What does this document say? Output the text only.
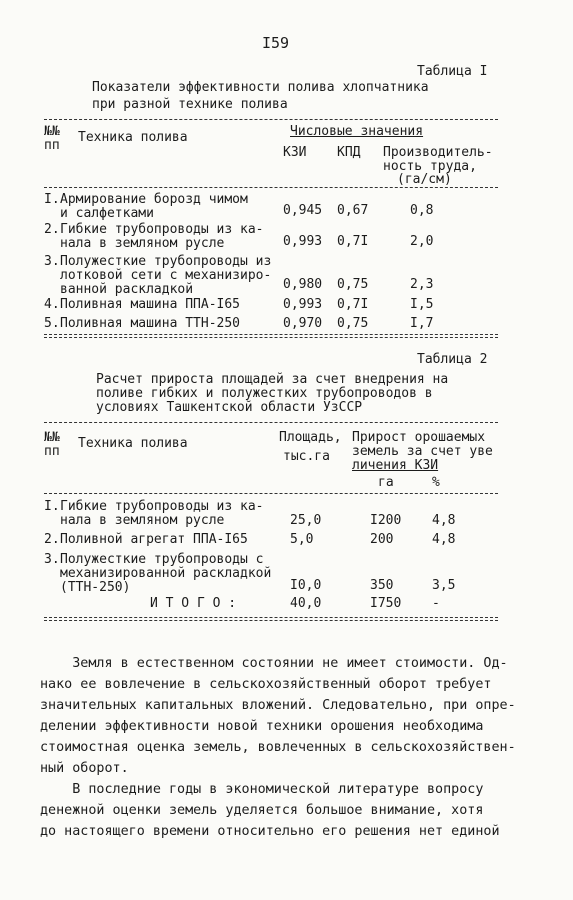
I59
Таблица I
Показатели эффективности полива хлопчатника
при разной технике полива
№№
пп
Техника полива	Числовые значения
КЗИ КПД Производитель-
ность труда,
(га/см)
I. Армирование борозд чимом
и салфетками	0,945 0,67	0,8
2. Гибкие трубопроводы из ка-
нала в земляном русле	0,993 0,7I	2,0
3. Полужесткие трубопроводы из
лотковой сети с механизиро-
ванной раскладкой	0,980 0,75	2,3
4. Поливная машина ППА-I65	0,993 0,7I	I,5
5. Поливная машина ТТН-250	0,970 0,75	I,7
Таблица 2
Расчет прироста площадей за счет внедрения на
поливе гибких и полужестких трубопроводов в
условиях Ташкентской области УзССР
№№
пп
Техника полива	Площадь,
тыс.га
Прирост орошаемых
земель за счет уве
личения КЗИ
га	%
I. Гибкие трубопроводы из ка-
нала в земляном русле	25,0	I200 4,8
2. Поливной агрегат ППА-I65	5,0	200	4,8
3. Полужесткие трубопроводы с
механизированной раскладкой
(ТТН-250)	I0,0	350	3,5
И Т О Г О :	40,0	I750 -
Земля в естественном состоянии не имеет стоимости. Од-
нако ее вовлечение в сельскохозяйственный оборот требует
значительных капитальных вложений. Следовательно, при опре-
делении эффективности новой техники орошения необходима
стоимостная оценка земель, вовлеченных в сельскохозяйствен-
ный оборот.
В последние годы в экономической литературе вопросу
денежной оценки земель уделяется большое внимание, хотя
до настоящего времени относительно его решения нет единой
